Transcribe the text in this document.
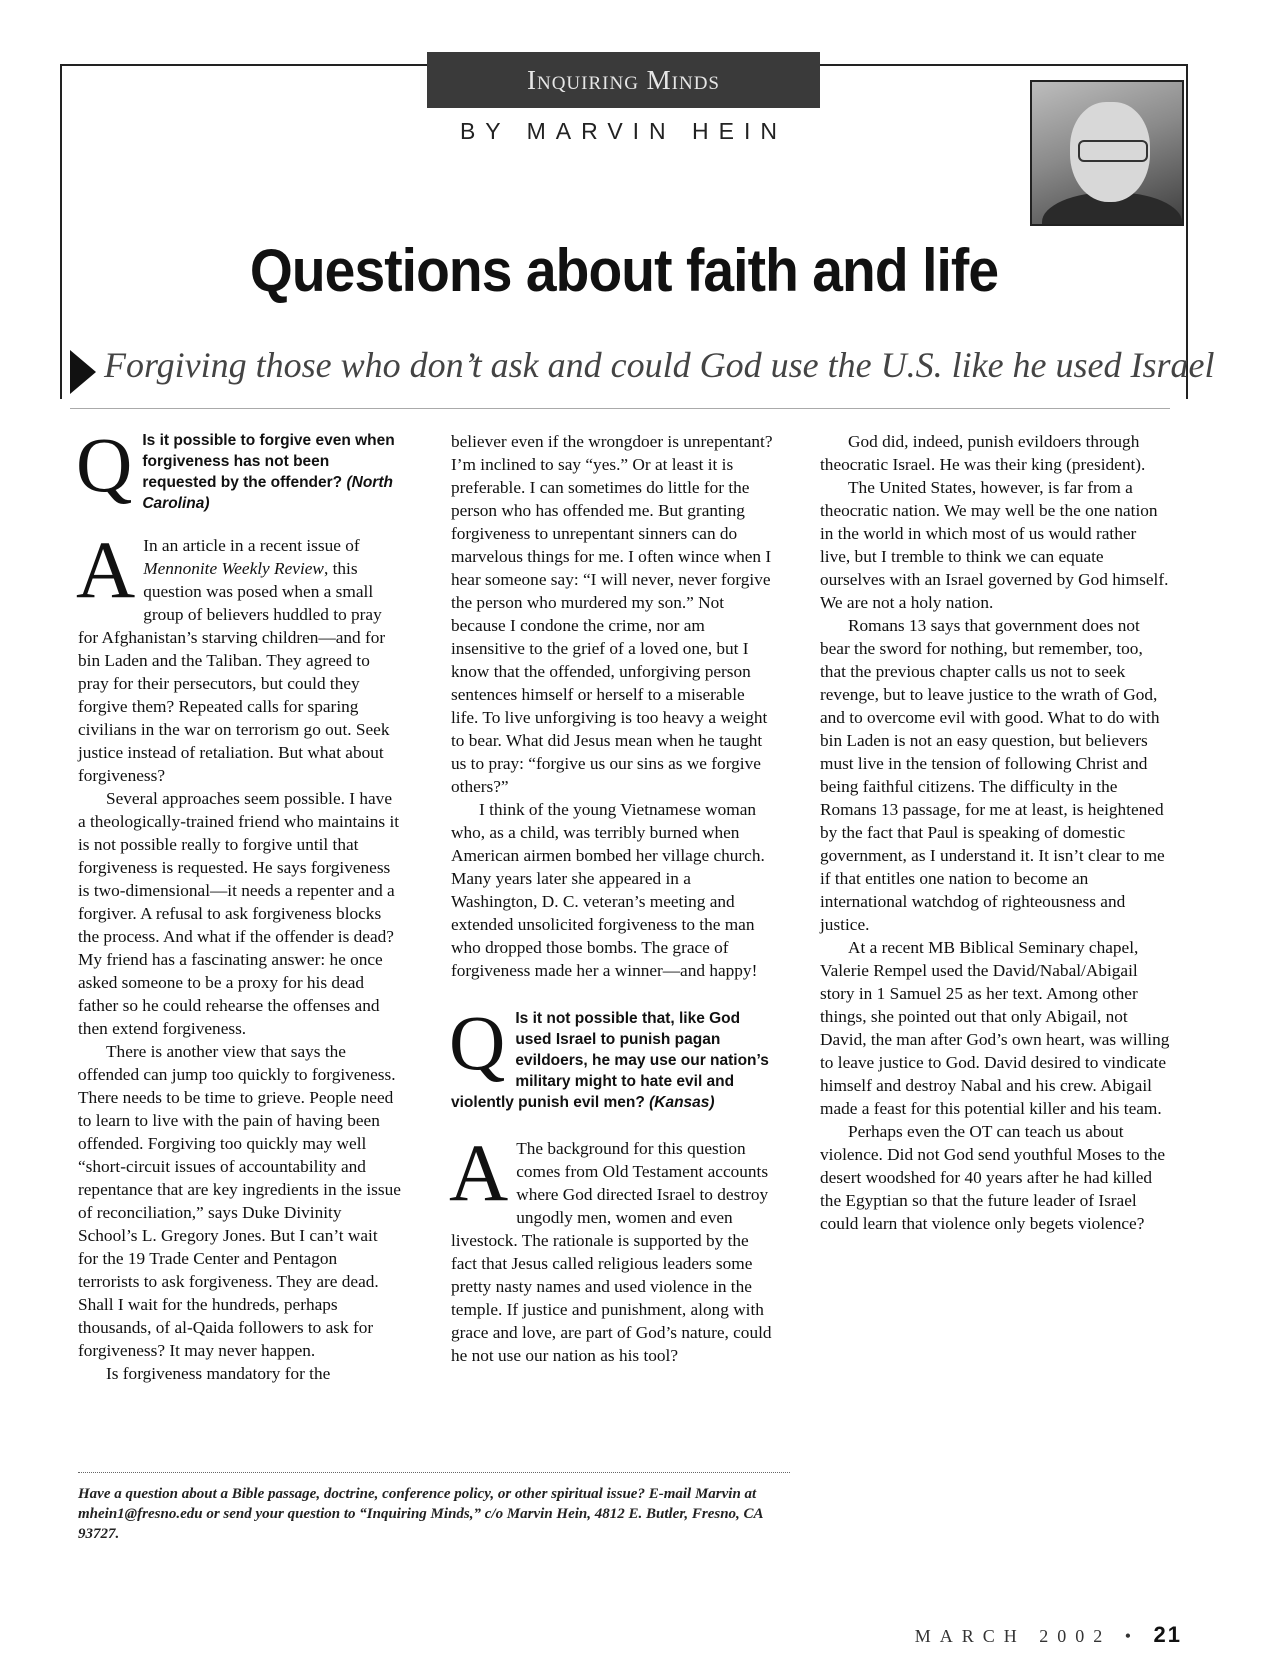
Inquiring Minds
BY MARVIN HEIN
Questions about faith and life
Forgiving those who don’t ask and could God use the U.S. like he used Israel
Q Is it possible to forgive even when forgiveness has not been requested by the offender? (North Carolina)
A In an article in a recent issue of Mennonite Weekly Review, this question was posed when a small group of believers huddled to pray for Afghanistan’s starving children—and for bin Laden and the Taliban. They agreed to pray for their persecutors, but could they forgive them? Repeated calls for sparing civilians in the war on terrorism go out. Seek justice instead of retaliation. But what about forgiveness?

Several approaches seem possible. I have a theologically-trained friend who maintains it is not possible really to forgive until that forgiveness is requested. He says forgiveness is two-dimensional—it needs a repenter and a forgiver. A refusal to ask forgiveness blocks the process. And what if the offender is dead? My friend has a fascinating answer: he once asked someone to be a proxy for his dead father so he could rehearse the offenses and then extend forgiveness.

There is another view that says the offended can jump too quickly to forgiveness. There needs to be time to grieve. People need to learn to live with the pain of having been offended. Forgiving too quickly may well “short-circuit issues of accountability and repentance that are key ingredients in the issue of reconciliation,” says Duke Divinity School’s L. Gregory Jones. But I can’t wait for the 19 Trade Center and Pentagon terrorists to ask forgiveness. They are dead. Shall I wait for the hundreds, perhaps thousands, of al-Qaida followers to ask for forgiveness? It may never happen.

Is forgiveness mandatory for the

believer even if the wrongdoer is unrepentant? I’m inclined to say “yes.” Or at least it is preferable. I can sometimes do little for the person who has offended me. But granting forgiveness to unrepentant sinners can do marvelous things for me. I often wince when I hear someone say: “I will never, never forgive the person who murdered my son.” Not because I condone the crime, nor am insensitive to the grief of a loved one, but I know that the offended, unforgiving person sentences himself or herself to a miserable life. To live unforgiving is too heavy a weight to bear. What did Jesus mean when he taught us to pray: “forgive us our sins as we forgive others?”

I think of the young Vietnamese woman who, as a child, was terribly burned when American airmen bombed her village church. Many years later she appeared in a Washington, D. C. veteran’s meeting and extended unsolicited forgiveness to the man who dropped those bombs. The grace of forgiveness made her a winner—and happy!

Q Is it not possible that, like God used Israel to punish pagan evildoers, he may use our nation’s military might to hate evil and violently punish evil men? (Kansas)
A The background for this question comes from Old Testament accounts where God directed Israel to destroy ungodly men, women and even livestock. The rationale is supported by the fact that Jesus called religious leaders some pretty nasty names and used violence in the temple. If justice and punishment, along with grace and love, are part of God’s nature, could he not use our nation as his tool?

God did, indeed, punish evildoers through theocratic Israel. He was their king (president).

The United States, however, is far from a theocratic nation. We may well be the one nation in the world in which most of us would rather live, but I tremble to think we can equate ourselves with an Israel governed by God himself. We are not a holy nation.

Romans 13 says that government does not bear the sword for nothing, but remember, too, that the previous chapter calls us not to seek revenge, but to leave justice to the wrath of God, and to overcome evil with good. What to do with bin Laden is not an easy question, but believers must live in the tension of following Christ and being faithful citizens. The difficulty in the Romans 13 passage, for me at least, is heightened by the fact that Paul is speaking of domestic government, as I understand it. It isn’t clear to me if that entitles one nation to become an international watchdog of righteousness and justice.

At a recent MB Biblical Seminary chapel, Valerie Rempel used the David/Nabal/Abigail story in 1 Samuel 25 as her text. Among other things, she pointed out that only Abigail, not David, the man after God’s own heart, was willing to leave justice to God. David desired to vindicate himself and destroy Nabal and his crew. Abigail made a feast for this potential killer and his team.

Perhaps even the OT can teach us about violence. Did not God send youthful Moses to the desert woodshed for 40 years after he had killed the Egyptian so that the future leader of Israel could learn that violence only begets violence?

Have a question about a Bible passage, doctrine, conference policy, or other spiritual issue? E-mail Marvin at mhein1@fresno.edu or send your question to “Inquiring Minds,” c/o Marvin Hein, 4812 E. Butler, Fresno, CA 93727.
MARCH 2002 • 21
